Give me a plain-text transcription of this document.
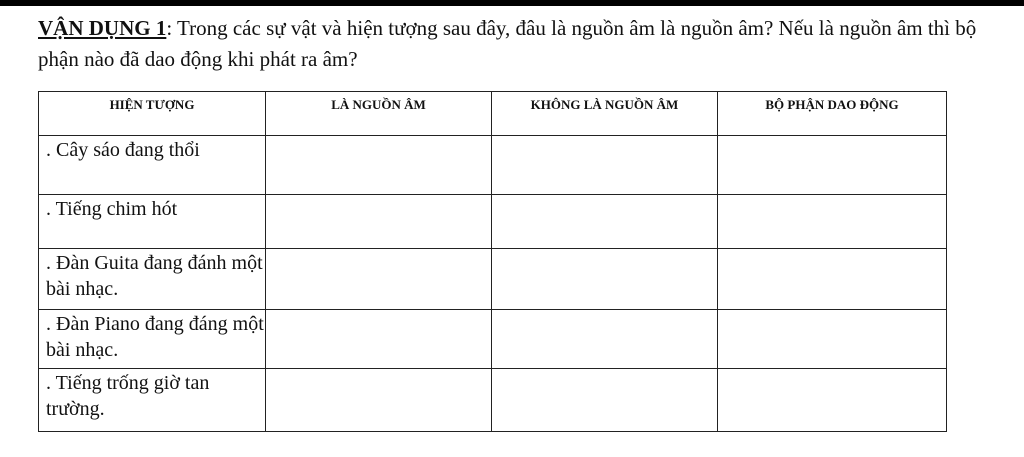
VẬN DỤNG 1: Trong các sự vật và hiện tượng sau đây, đâu là nguồn âm là nguồn âm? Nếu là nguồn âm thì bộ phận nào đã dao động khi phát ra âm?
HIỆN TƯỢNG	LÀ NGUỒN ÂM	KHÔNG LÀ NGUỒN ÂM	BỘ PHẬN DAO ĐỘNG
. Cây sáo đang thổi			
. Tiếng chim hót			
. Đàn Guita đang đánh một bài nhạc.			
. Đàn Piano đang đáng một bài nhạc.			
. Tiếng trống giờ tan trường.			
